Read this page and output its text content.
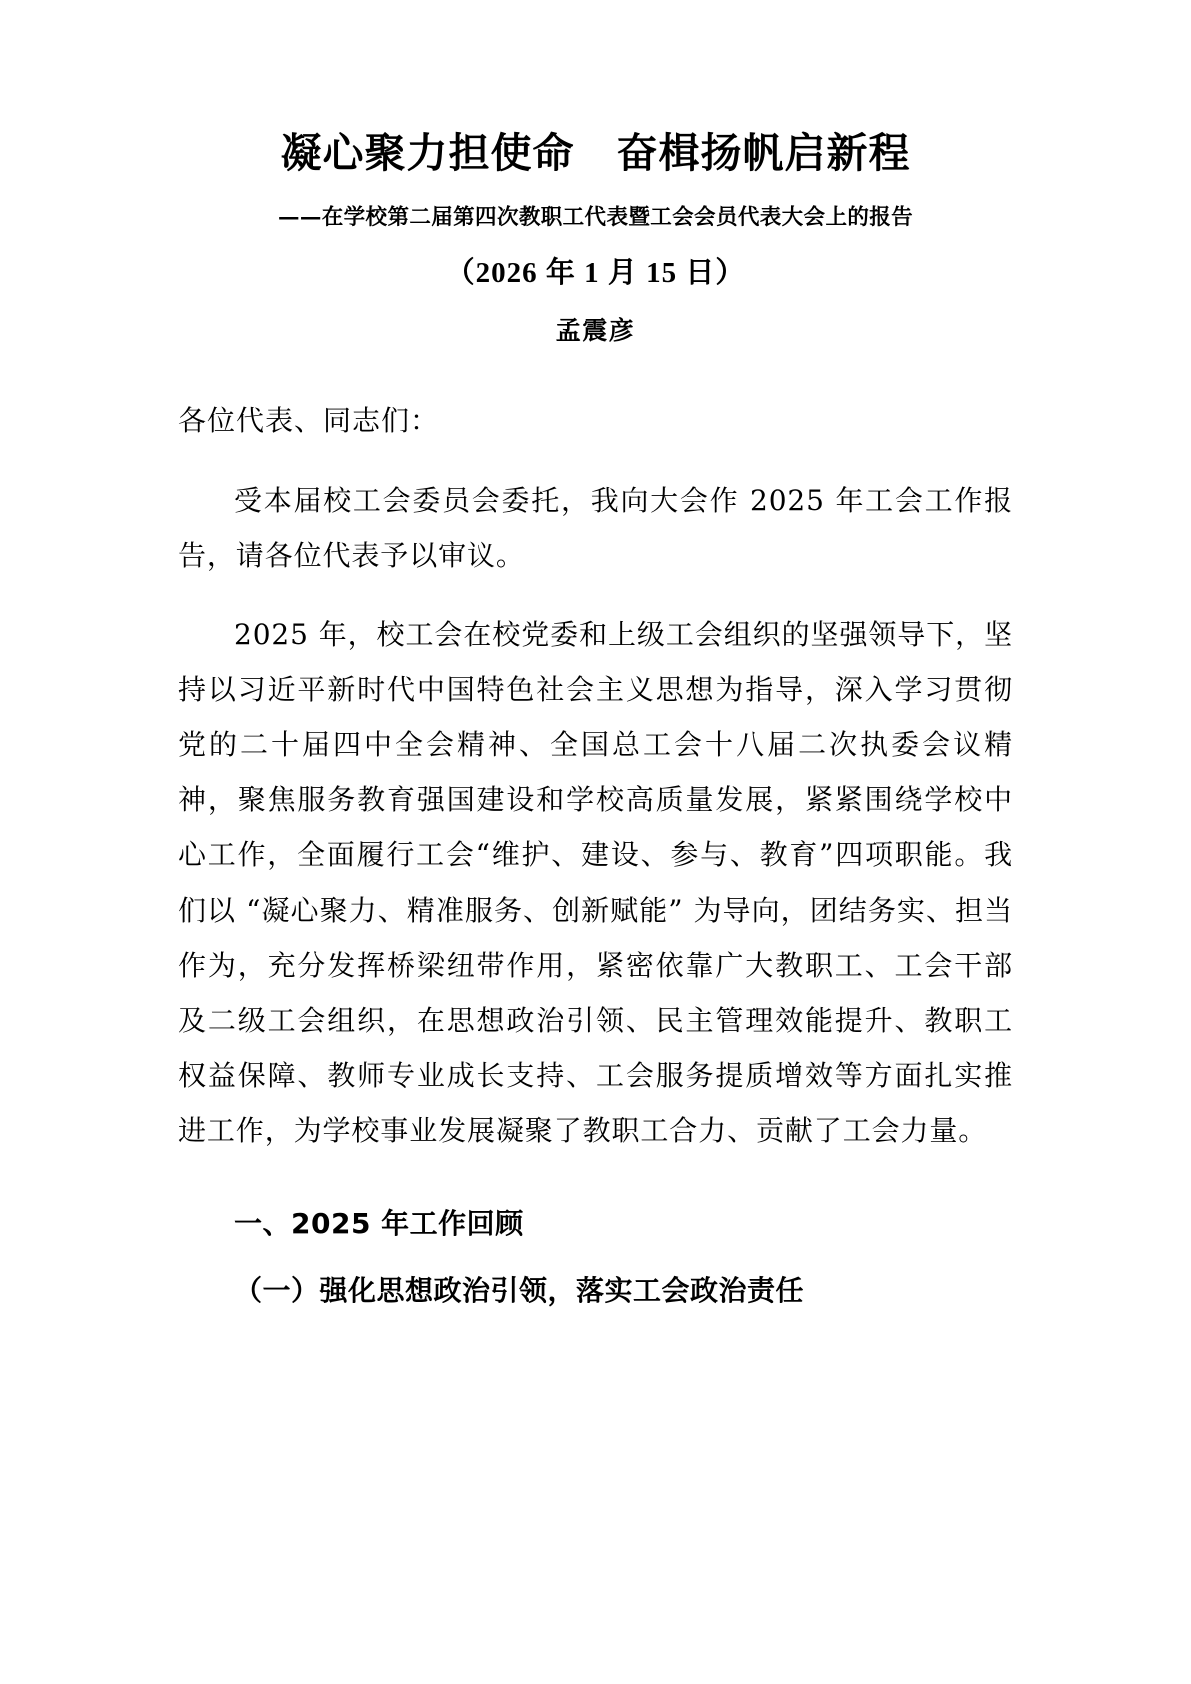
凝心聚力担使命　奋楫扬帆启新程

——在学校第二届第四次教职工代表暨工会会员代表大会上的报告

（2026 年 1 月 15 日）

孟震彦

各位代表、同志们：

受本届校工会委员会委托，我向大会作 2025 年工会工作报告，请各位代表予以审议。

2025 年，校工会在校党委和上级工会组织的坚强领导下，坚持以习近平新时代中国特色社会主义思想为指导，深入学习贯彻党的二十届四中全会精神、全国总工会十八届二次执委会议精神，聚焦服务教育强国建设和学校高质量发展，紧紧围绕学校中心工作，全面履行工会“维护、建设、参与、教育”四项职能。我们以 “凝心聚力、精准服务、创新赋能” 为导向，团结务实、担当作为，充分发挥桥梁纽带作用，紧密依靠广大教职工、工会干部及二级工会组织，在思想政治引领、民主管理效能提升、教职工权益保障、教师专业成长支持、工会服务提质增效等方面扎实推进工作，为学校事业发展凝聚了教职工合力、贡献了工会力量。

一、2025 年工作回顾
（一）强化思想政治引领，落实工会政治责任
